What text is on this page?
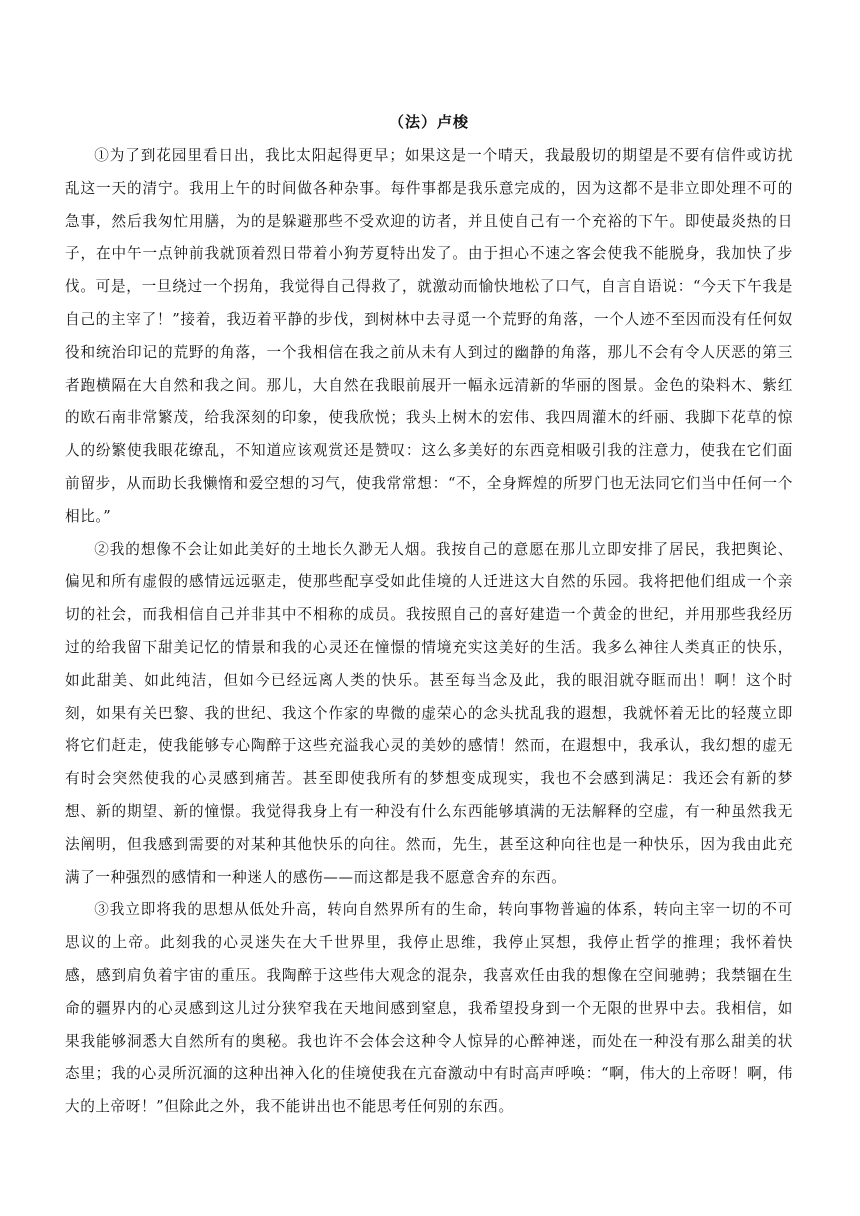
（法）卢梭

①为了到花园里看日出，我比太阳起得更早；如果这是一个晴天，我最殷切的期望是不要有信件或访扰乱这一天的清宁。我用上午的时间做各种杂事。每件事都是我乐意完成的，因为这都不是非立即处理不可的急事，然后我匆忙用膳，为的是躲避那些不受欢迎的访者，并且使自己有一个充裕的下午。即使最炎热的日子，在中午一点钟前我就顶着烈日带着小狗芳夏特出发了。由于担心不速之客会使我不能脱身，我加快了步伐。可是，一旦绕过一个拐角，我觉得自己得救了，就激动而愉快地松了口气，自言自语说：“今天下午我是自己的主宰了！”接着，我迈着平静的步伐，到树林中去寻觅一个荒野的角落，一个人迹不至因而没有任何奴役和统治印记的荒野的角落，一个我相信在我之前从未有人到过的幽静的角落，那儿不会有令人厌恶的第三者跑横隔在大自然和我之间。那儿，大自然在我眼前展开一幅永远清新的华丽的图景。金色的染料木、紫红的欧石南非常繁茂，给我深刻的印象，使我欣悦；我头上树木的宏伟、我四周灌木的纤丽、我脚下花草的惊人的纷繁使我眼花缭乱，不知道应该观赏还是赞叹：这么多美好的东西竞相吸引我的注意力，使我在它们面前留步，从而助长我懒惰和爱空想的习气，使我常常想：“不，全身辉煌的所罗门也无法同它们当中任何一个相比。”

②我的想像不会让如此美好的土地长久渺无人烟。我按自己的意愿在那儿立即安排了居民，我把舆论、偏见和所有虚假的感情远远驱走，使那些配享受如此佳境的人迁进这大自然的乐园。我将把他们组成一个亲切的社会，而我相信自己并非其中不相称的成员。我按照自己的喜好建造一个黄金的世纪，并用那些我经历过的给我留下甜美记忆的情景和我的心灵还在憧憬的情境充实这美好的生活。我多么神往人类真正的快乐，如此甜美、如此纯洁，但如今已经远离人类的快乐。甚至每当念及此，我的眼泪就夺眶而出！啊！这个时刻，如果有关巴黎、我的世纪、我这个作家的卑微的虚荣心的念头扰乱我的遐想，我就怀着无比的轻蔑立即将它们赶走，使我能够专心陶醉于这些充溢我心灵的美妙的感情！然而，在遐想中，我承认，我幻想的虚无有时会突然使我的心灵感到痛苦。甚至即使我所有的梦想变成现实，我也不会感到满足：我还会有新的梦想、新的期望、新的憧憬。我觉得我身上有一种没有什么东西能够填满的无法解释的空虚，有一种虽然我无法阐明，但我感到需要的对某种其他快乐的向往。然而，先生，甚至这种向往也是一种快乐，因为我由此充满了一种强烈的感情和一种迷人的感伤——而这都是我不愿意舍弃的东西。

③我立即将我的思想从低处升高，转向自然界所有的生命，转向事物普遍的体系，转向主宰一切的不可思议的上帝。此刻我的心灵迷失在大千世界里，我停止思维，我停止冥想，我停止哲学的推理；我怀着快感，感到肩负着宇宙的重压。我陶醉于这些伟大观念的混杂，我喜欢任由我的想像在空间驰骋；我禁锢在生命的疆界内的心灵感到这儿过分狭窄我在天地间感到窒息，我希望投身到一个无限的世界中去。我相信，如果我能够洞悉大自然所有的奥秘。我也许不会体会这种令人惊异的心醉神迷，而处在一种没有那么甜美的状态里；我的心灵所沉湎的这种出神入化的佳境使我在亢奋激动中有时高声呼唤：“啊，伟大的上帝呀！啊，伟大的上帝呀！”但除此之外，我不能讲出也不能思考任何别的东西。
